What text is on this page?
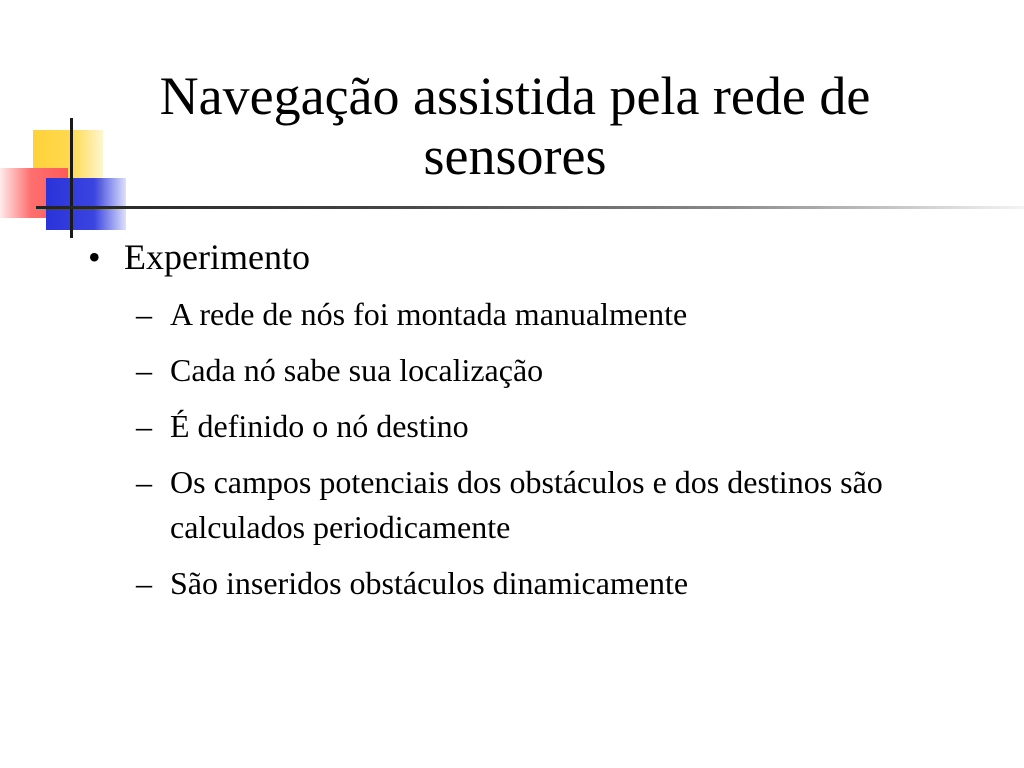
Navegação assistida pela rede de
sensores
• Experimento
– A rede de nós foi montada manualmente
– Cada nó sabe sua localização
– É definido o nó destino
– Os campos potenciais dos obstáculos e dos destinos são calculados periodicamente
– São inseridos obstáculos dinamicamente
